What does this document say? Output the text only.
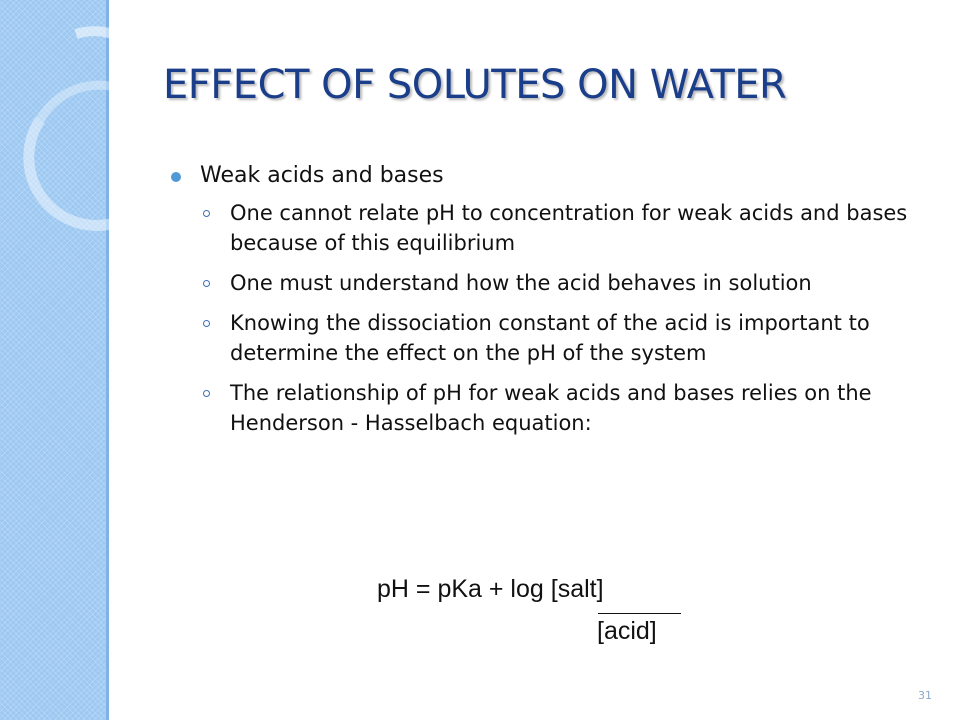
EFFECT OF SOLUTES ON WATER
Weak acids and bases
One cannot relate pH to concentration for weak acids and bases because of this equilibrium
One must understand how the acid behaves in solution
Knowing the dissociation constant of the acid is important to determine the effect on the pH of the system
The relationship of pH for weak acids and bases relies on the Henderson - Hasselbach equation:
pH = pKa + log [salt]
[acid]
31
